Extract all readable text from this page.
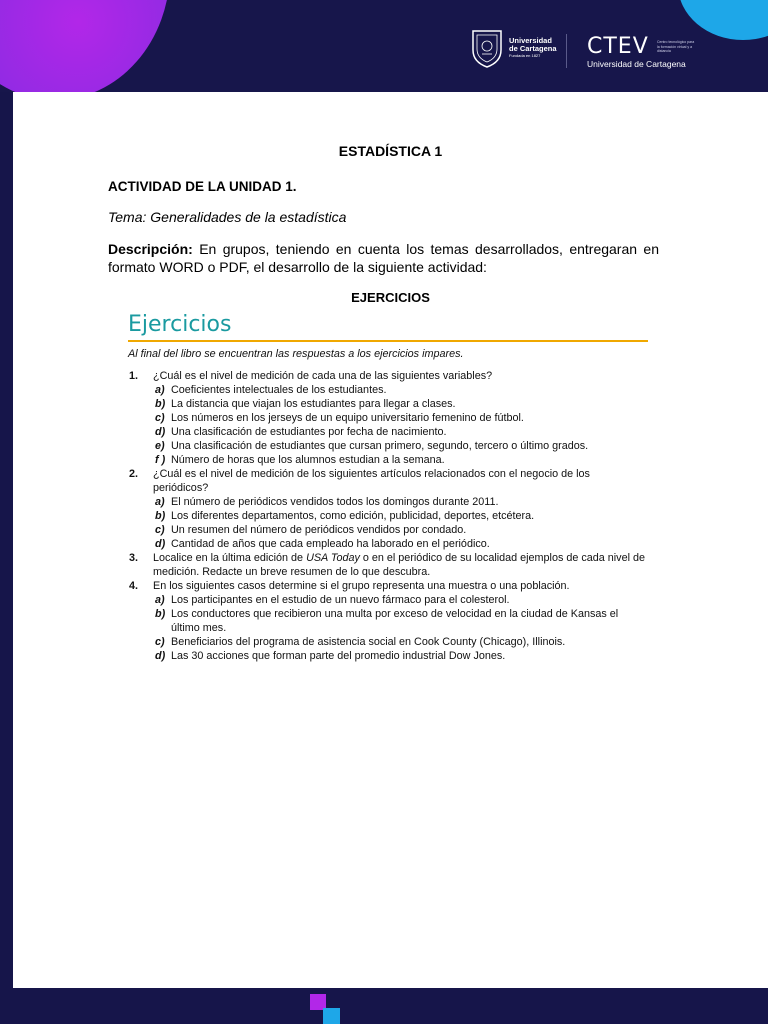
Universidad
de Cartagena
Fundada en 1827	CTEV
Universidad de Cartagena
Centro tecnológico para la formación virtual y a distancia
ESTADÍSTICA 1

ACTIVIDAD DE LA UNIDAD 1.

Tema: Generalidades de la estadística

Descripción: En grupos, teniendo en cuenta los temas desarrollados, entregaran en formato WORD o PDF, el desarrollo de la siguiente actividad:

EJERCICIOS

Ejercicios

Al final del libro se encuentran las respuestas a los ejercicios impares.

1. ¿Cuál es el nivel de medición de cada una de las siguientes variables?
a) Coeficientes intelectuales de los estudiantes.
b) La distancia que viajan los estudiantes para llegar a clases.
c) Los números en los jerseys de un equipo universitario femenino de fútbol.
d) Una clasificación de estudiantes por fecha de nacimiento.
e) Una clasificación de estudiantes que cursan primero, segundo, tercero o último grados.
f ) Número de horas que los alumnos estudian a la semana.
2. ¿Cuál es el nivel de medición de los siguientes artículos relacionados con el negocio de los periódicos?
a) El número de periódicos vendidos todos los domingos durante 2011.
b) Los diferentes departamentos, como edición, publicidad, deportes, etcétera.
c) Un resumen del número de periódicos vendidos por condado.
d) Cantidad de años que cada empleado ha laborado en el periódico.
3. Localice en la última edición de USA Today o en el periódico de su localidad ejemplos de cada nivel de medición. Redacte un breve resumen de lo que descubra.
4. En los siguientes casos determine si el grupo representa una muestra o una población.
a) Los participantes en el estudio de un nuevo fármaco para el colesterol.
b) Los conductores que recibieron una multa por exceso de velocidad en la ciudad de Kansas el último mes.
c) Beneficiarios del programa de asistencia social en Cook County (Chicago), Illinois.
d) Las 30 acciones que forman parte del promedio industrial Dow Jones.
